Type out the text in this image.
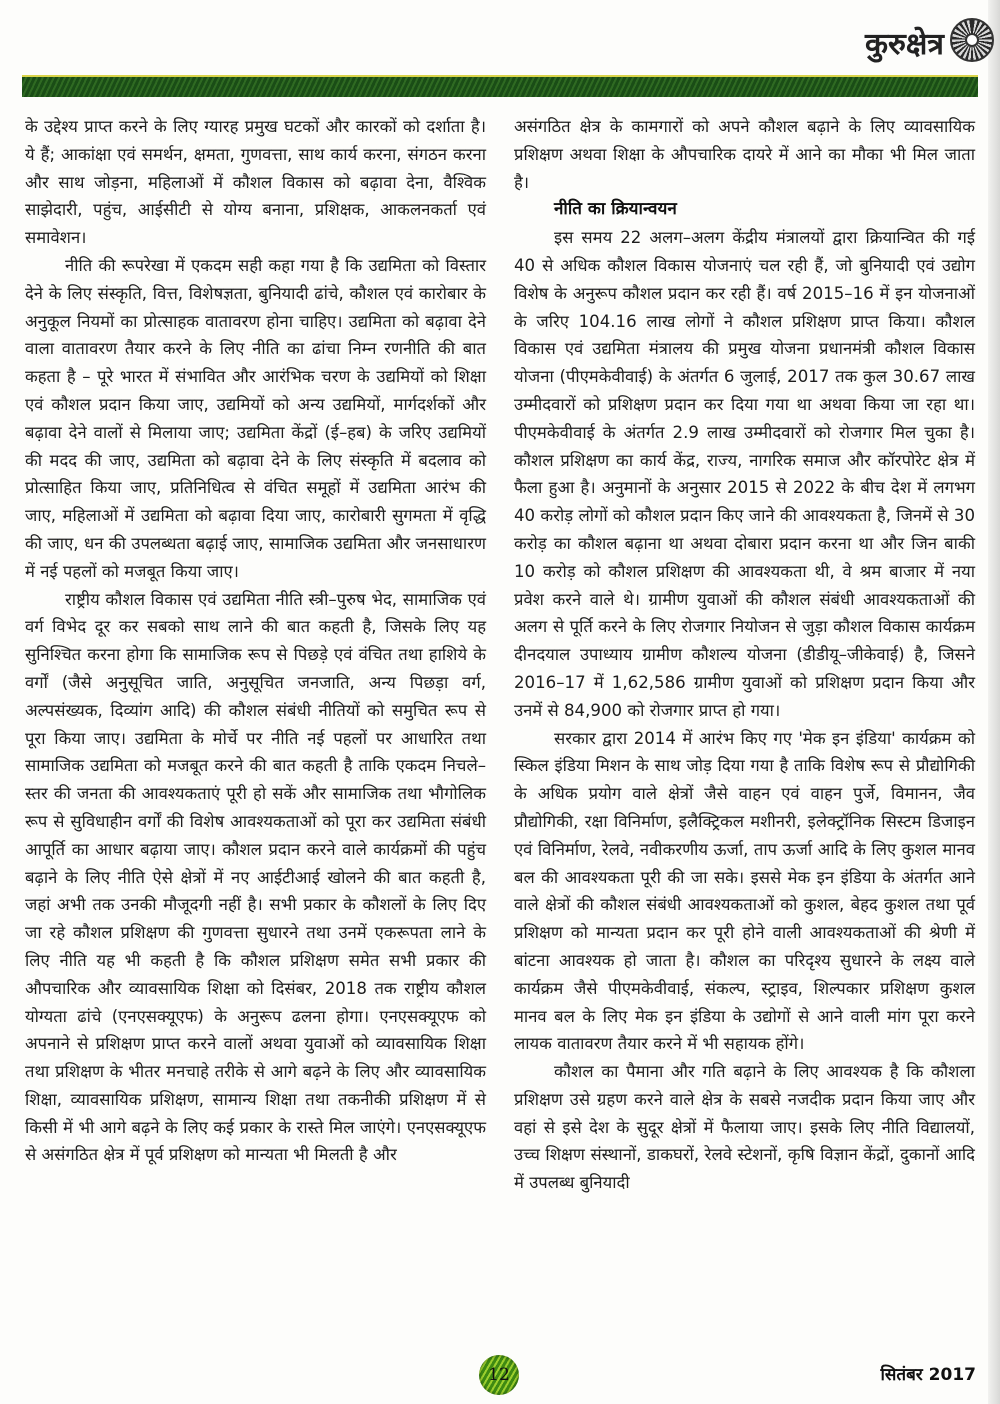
कुरुक्षेत्र

के उद्देश्य प्राप्त करने के लिए ग्यारह प्रमुख घटकों और कारकों को दर्शाता है। ये हैं; आकांक्षा एवं समर्थन, क्षमता, गुणवत्ता, साथ कार्य करना, संगठन करना और साथ जोड़ना, महिलाओं में कौशल विकास को बढ़ावा देना, वैश्विक साझेदारी, पहुंच, आईसीटी से योग्य बनाना, प्रशिक्षक, आकलनकर्ता एवं समावेशन।

नीति की रूपरेखा में एकदम सही कहा गया है कि उद्यमिता को विस्तार देने के लिए संस्कृति, वित्त, विशेषज्ञता, बुनियादी ढांचे, कौशल एवं कारोबार के अनुकूल नियमों का प्रोत्साहक वातावरण होना चाहिए। उद्यमिता को बढ़ावा देने वाला वातावरण तैयार करने के लिए नीति का ढांचा निम्न रणनीति की बात कहता है – पूरे भारत में संभावित और आरंभिक चरण के उद्यमियों को शिक्षा एवं कौशल प्रदान किया जाए, उद्यमियों को अन्य उद्यमियों, मार्गदर्शकों और बढ़ावा देने वालों से मिलाया जाए; उद्यमिता केंद्रों (ई–हब) के जरिए उद्यमियों की मदद की जाए, उद्यमिता को बढ़ावा देने के लिए संस्कृति में बदलाव को प्रोत्साहित किया जाए, प्रतिनिधित्व से वंचित समूहों में उद्यमिता आरंभ की जाए, महिलाओं में उद्यमिता को बढ़ावा दिया जाए, कारोबारी सुगमता में वृद्धि की जाए, धन की उपलब्धता बढ़ाई जाए, सामाजिक उद्यमिता और जनसाधारण में नई पहलों को मजबूत किया जाए।

राष्ट्रीय कौशल विकास एवं उद्यमिता नीति स्त्री–पुरुष भेद, सामाजिक एवं वर्ग विभेद दूर कर सबको साथ लाने की बात कहती है, जिसके लिए यह सुनिश्चित करना होगा कि सामाजिक रूप से पिछड़े एवं वंचित तथा हाशिये के वर्गों (जैसे अनुसूचित जाति, अनुसूचित जनजाति, अन्य पिछड़ा वर्ग, अल्पसंख्यक, दिव्यांग आदि) की कौशल संबंधी नीतियों को समुचित रूप से पूरा किया जाए। उद्यमिता के मोर्चे पर नीति नई पहलों पर आधारित तथा सामाजिक उद्यमिता को मजबूत करने की बात कहती है ताकि एकदम निचले–स्तर की जनता की आवश्यकताएं पूरी हो सकें और सामाजिक तथा भौगोलिक रूप से सुविधाहीन वर्गों की विशेष आवश्यकताओं को पूरा कर उद्यमिता संबंधी आपूर्ति का आधार बढ़ाया जाए। कौशल प्रदान करने वाले कार्यक्रमों की पहुंच बढ़ाने के लिए नीति ऐसे क्षेत्रों में नए आईटीआई खोलने की बात कहती है, जहां अभी तक उनकी मौजूदगी नहीं है। सभी प्रकार के कौशलों के लिए दिए जा रहे कौशल प्रशिक्षण की गुणवत्ता सुधारने तथा उनमें एकरूपता लाने के लिए नीति यह भी कहती है कि कौशल प्रशिक्षण समेत सभी प्रकार की औपचारिक और व्यावसायिक शिक्षा को दिसंबर, 2018 तक राष्ट्रीय कौशल योग्यता ढांचे (एनएसक्यूएफ) के अनुरूप ढलना होगा। एनएसक्यूएफ को अपनाने से प्रशिक्षण प्राप्त करने वालों अथवा युवाओं को व्यावसायिक शिक्षा तथा प्रशिक्षण के भीतर मनचाहे तरीके से आगे बढ़ने के लिए और व्यावसायिक शिक्षा, व्यावसायिक प्रशिक्षण, सामान्य शिक्षा तथा तकनीकी प्रशिक्षण में से किसी में भी आगे बढ़ने के लिए कई प्रकार के रास्ते मिल जाएंगे। एनएसक्यूएफ से असंगठित क्षेत्र में पूर्व प्रशिक्षण को मान्यता भी मिलती है और

असंगठित क्षेत्र के कामगारों को अपने कौशल बढ़ाने के लिए व्यावसायिक प्रशिक्षण अथवा शिक्षा के औपचारिक दायरे में आने का मौका भी मिल जाता है।

नीति का क्रियान्वयन

इस समय 22 अलग–अलग केंद्रीय मंत्रालयों द्वारा क्रियान्वित की गई 40 से अधिक कौशल विकास योजनाएं चल रही हैं, जो बुनियादी एवं उद्योग विशेष के अनुरूप कौशल प्रदान कर रही हैं। वर्ष 2015–16 में इन योजनाओं के जरिए 104.16 लाख लोगों ने कौशल प्रशिक्षण प्राप्त किया। कौशल विकास एवं उद्यमिता मंत्रालय की प्रमुख योजना प्रधानमंत्री कौशल विकास योजना (पीएमकेवीवाई) के अंतर्गत 6 जुलाई, 2017 तक कुल 30.67 लाख उम्मीदवारों को प्रशिक्षण प्रदान कर दिया गया था अथवा किया जा रहा था। पीएमकेवीवाई के अंतर्गत 2.9 लाख उम्मीदवारों को रोजगार मिल चुका है। कौशल प्रशिक्षण का कार्य केंद्र, राज्य, नागरिक समाज और कॉरपोरेट क्षेत्र में फैला हुआ है। अनुमानों के अनुसार 2015 से 2022 के बीच देश में लगभग 40 करोड़ लोगों को कौशल प्रदान किए जाने की आवश्यकता है, जिनमें से 30 करोड़ का कौशल बढ़ाना था अथवा दोबारा प्रदान करना था और जिन बाकी 10 करोड़ को कौशल प्रशिक्षण की आवश्यकता थी, वे श्रम बाजार में नया प्रवेश करने वाले थे। ग्रामीण युवाओं की कौशल संबंधी आवश्यकताओं की अलग से पूर्ति करने के लिए रोजगार नियोजन से जुड़ा कौशल विकास कार्यक्रम दीनदयाल उपाध्याय ग्रामीण कौशल्य योजना (डीडीयू–जीकेवाई) है, जिसने 2016–17 में 1,62,586 ग्रामीण युवाओं को प्रशिक्षण प्रदान किया और उनमें से 84,900 को रोजगार प्राप्त हो गया।

सरकार द्वारा 2014 में आरंभ किए गए 'मेक इन इंडिया' कार्यक्रम को स्किल इंडिया मिशन के साथ जोड़ दिया गया है ताकि विशेष रूप से प्रौद्योगिकी के अधिक प्रयोग वाले क्षेत्रों जैसे वाहन एवं वाहन पुर्जे, विमानन, जैव प्रौद्योगिकी, रक्षा विनिर्माण, इलैक्ट्रिकल मशीनरी, इलेक्ट्रॉनिक सिस्टम डिजाइन एवं विनिर्माण, रेलवे, नवीकरणीय ऊर्जा, ताप ऊर्जा आदि के लिए कुशल मानव बल की आवश्यकता पूरी की जा सके। इससे मेक इन इंडिया के अंतर्गत आने वाले क्षेत्रों की कौशल संबंधी आवश्यकताओं को कुशल, बेहद कुशल तथा पूर्व प्रशिक्षण को मान्यता प्रदान कर पूरी होने वाली आवश्यकताओं की श्रेणी में बांटना आवश्यक हो जाता है। कौशल का परिदृश्य सुधारने के लक्ष्य वाले कार्यक्रम जैसे पीएमकेवीवाई, संकल्प, स्ट्राइव, शिल्पकार प्रशिक्षण कुशल मानव बल के लिए मेक इन इंडिया के उद्योगों से आने वाली मांग पूरा करने लायक वातावरण तैयार करने में भी सहायक होंगे।

कौशल का पैमाना और गति बढ़ाने के लिए आवश्यक है कि कौशला प्रशिक्षण उसे ग्रहण करने वाले क्षेत्र के सबसे नजदीक प्रदान किया जाए और वहां से इसे देश के सुदूर क्षेत्रों में फैलाया जाए। इसके लिए नीति विद्यालयों, उच्च शिक्षण संस्थानों, डाकघरों, रेलवे स्टेशनों, कृषि विज्ञान केंद्रों, दुकानों आदि में उपलब्ध बुनियादी

12	सितंबर 2017
